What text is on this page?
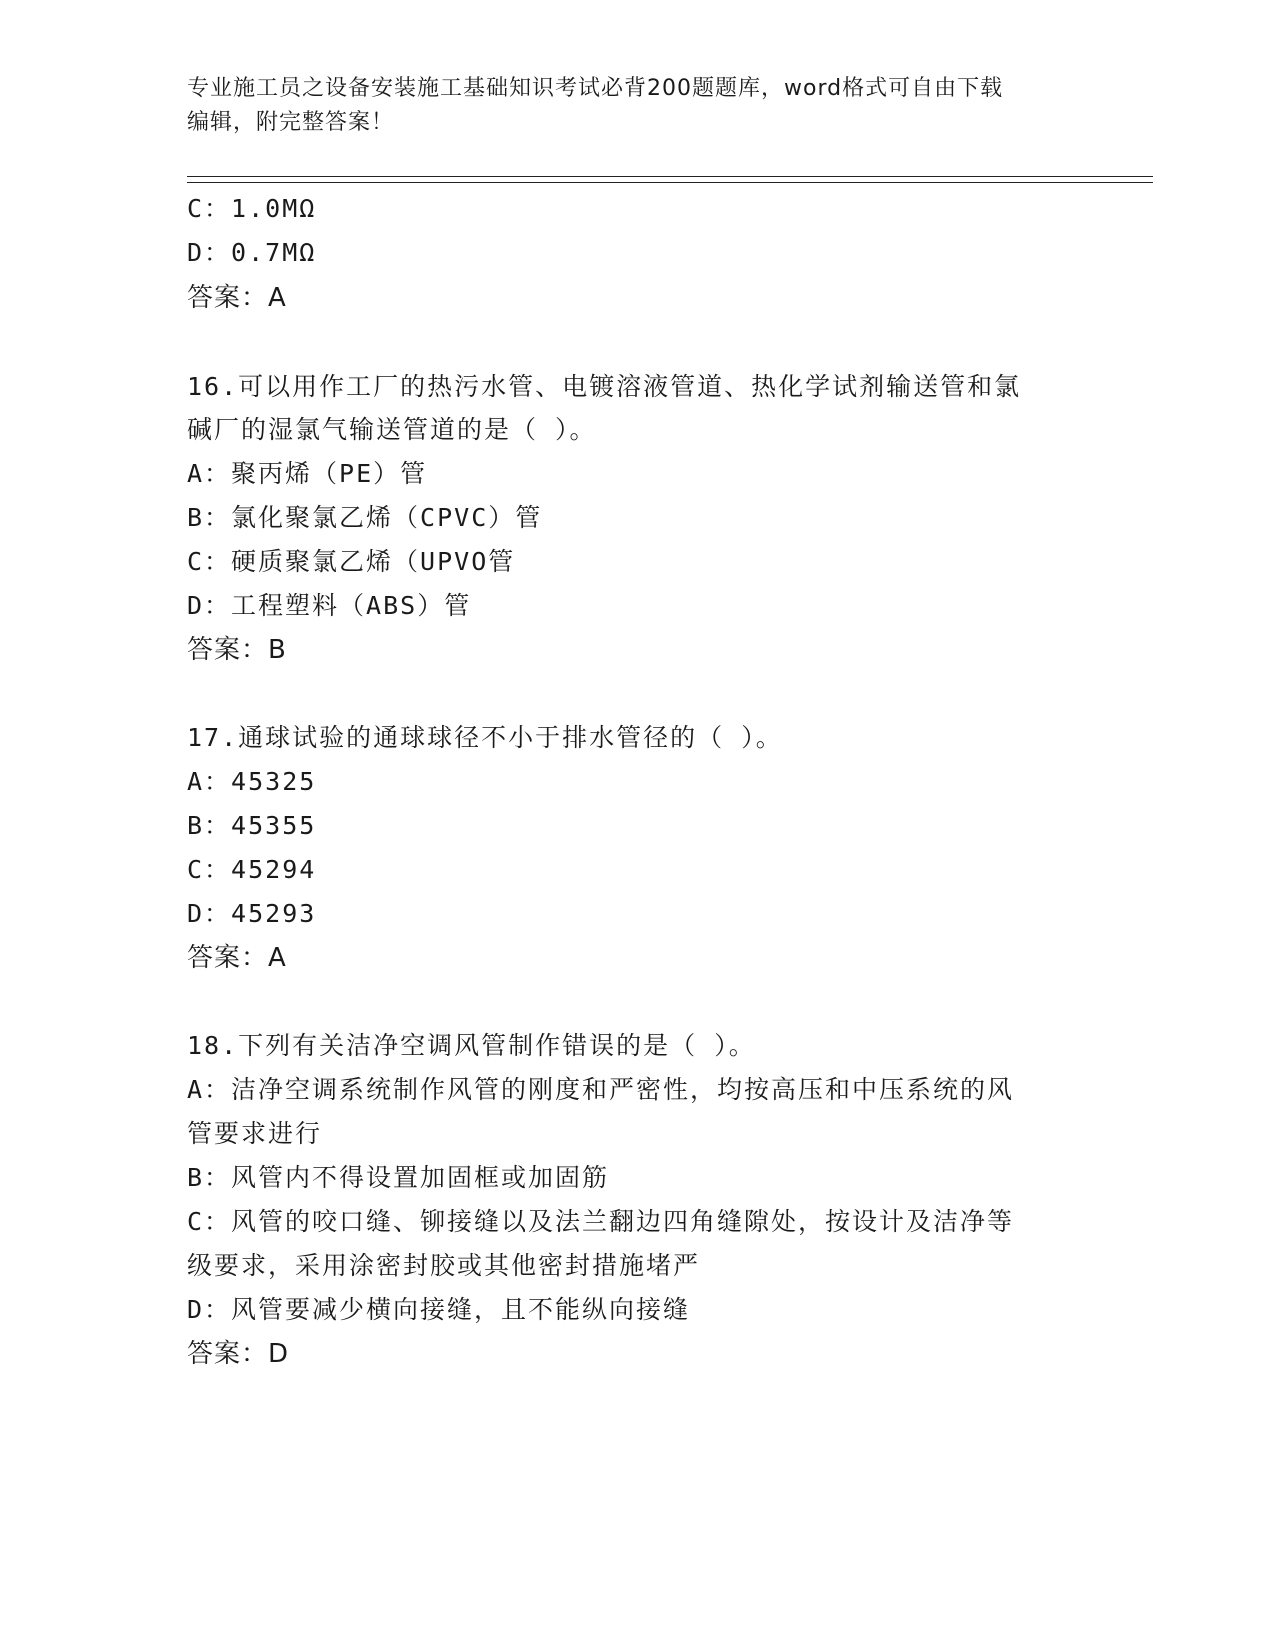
专业施工员之设备安装施工基础知识考试必背200题题库，word格式可自由下载
编辑，附完整答案！
C：1.0MΩ
D：0.7MΩ
答案：A
16.可以用作工厂的热污水管、电镀溶液管道、热化学试剂输送管和氯
碱厂的湿氯气输送管道的是（ ）。
A：聚丙烯（PE）管
B：氯化聚氯乙烯（CPVC）管
C：硬质聚氯乙烯（UPVO管
D：工程塑料（ABS）管
答案：B
17.通球试验的通球球径不小于排水管径的（ ）。
A：45325
B：45355
C：45294
D：45293
答案：A
18.下列有关洁净空调风管制作错误的是（ ）。
A：洁净空调系统制作风管的刚度和严密性，均按高压和中压系统的风
管要求进行
B：风管内不得设置加固框或加固筋
C：风管的咬口缝、铆接缝以及法兰翻边四角缝隙处，按设计及洁净等
级要求，采用涂密封胶或其他密封措施堵严
D：风管要减少横向接缝，且不能纵向接缝
答案：D
